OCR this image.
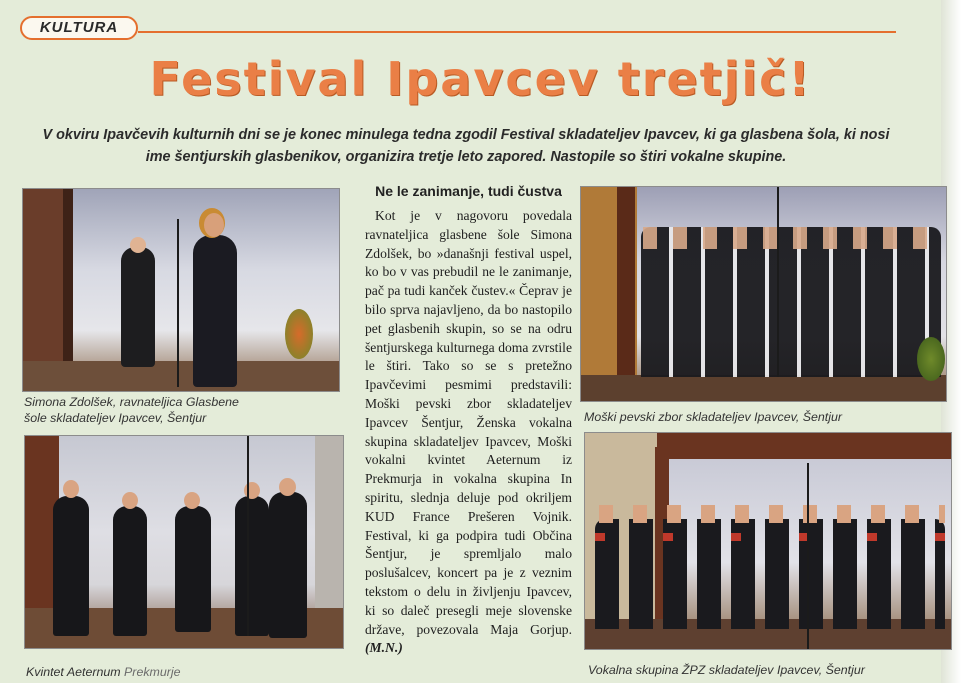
KULTURA
Festival Ipavcev tretjič!
V okviru Ipavčevih kulturnih dni se je konec minulega tedna zgodil Festival skladateljev Ipavcev, ki ga glasbena šola, ki nosi ime šentjurskih glasbenikov, organizira tretje leto zapored. Nastopile so štiri vokalne skupine.
Simona Zdolšek, ravnateljica Glasbene
šole skladateljev Ipavcev, Šentjur
Kvintet Aeternum Prekmurje
Ne le zanimanje, tudi čustva

Kot je v nagovoru povedala ravnateljica glasbene šole Simona Zdolšek, bo »današnji festival uspel, ko bo v vas prebudil ne le zanimanje, pač pa tudi kanček čustev.« Čeprav je bilo sprva najavljeno, da bo nastopilo pet glasbenih skupin, so se na odru šentjurskega kulturnega doma zvrstile le štiri. Tako so se s pretežno Ipavčevimi pesmimi predstavili: Moški pevski zbor skladateljev Ipavcev Šentjur, Ženska vokalna skupina skladateljev Ipavcev, Moški vokalni kvintet Aeternum iz Prekmurja in vokalna skupina In spiritu, slednja deluje pod okriljem KUD France Prešeren Vojnik. Festival, ki ga podpira tudi Občina Šentjur, je spremljalo malo poslušalcev, koncert pa je z veznim tekstom o delu in življenju Ipavcev, ki so daleč presegli meje slovenske države, povezovala Maja Gorjup. (M.N.)

Moški pevski zbor skladateljev Ipavcev, Šentjur
Vokalna skupina ŽPZ skladateljev Ipavcev, Šentjur
